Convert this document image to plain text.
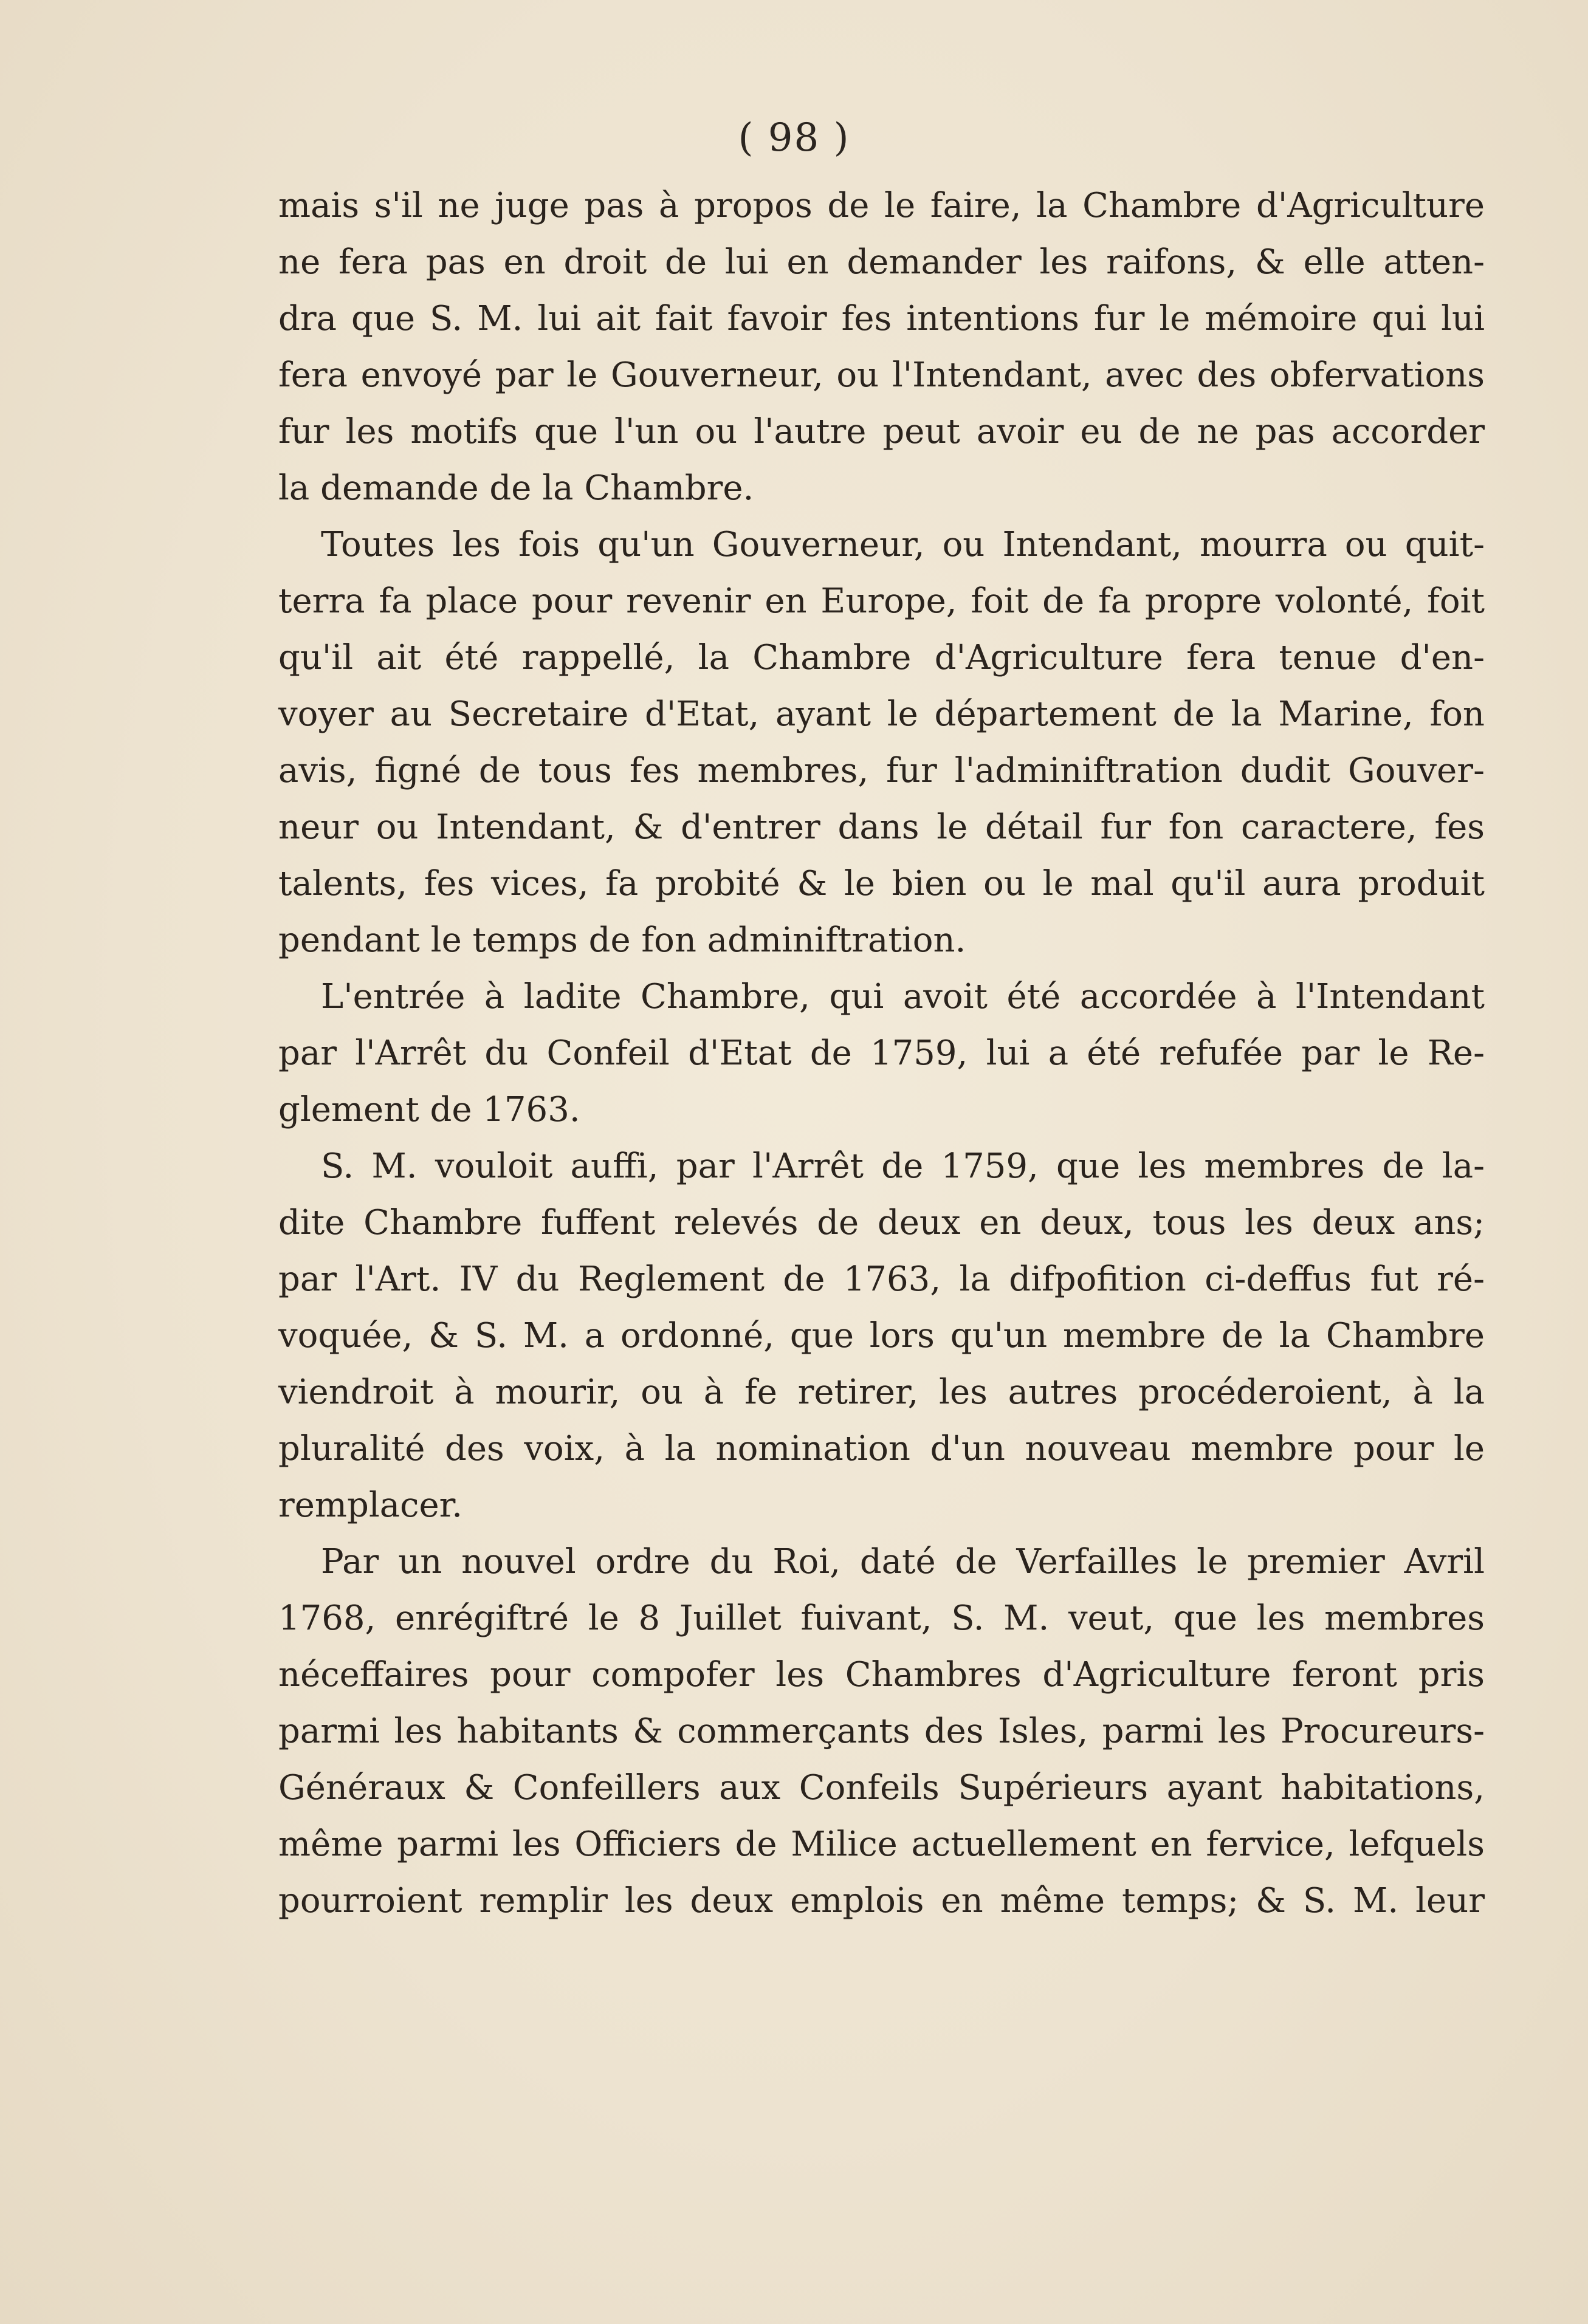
( 98 )

mais s'il ne juge pas à propos de le faire, la Chambre d'Agriculture

ne fera pas en droit de lui en demander les raifons, & elle atten-

dra que S. M. lui ait fait favoir fes intentions fur le mémoire qui lui

fera envoyé par le Gouverneur, ou l'Intendant, avec des obfervations

fur les motifs que l'un ou l'autre peut avoir eu de ne pas accorder

la demande de la Chambre.

Toutes les fois qu'un Gouverneur, ou Intendant, mourra ou quit-

terra fa place pour revenir en Europe, foit de fa propre volonté, foit

qu'il ait été rappellé, la Chambre d'Agriculture fera tenue d'en-

voyer au Secretaire d'Etat, ayant le département de la Marine, fon

avis, figné de tous fes membres, fur l'adminiftration dudit Gouver-

neur ou Intendant, & d'entrer dans le détail fur fon caractere, fes

talents, fes vices, fa probité & le bien ou le mal qu'il aura produit

pendant le temps de fon adminiftration.

L'entrée à ladite Chambre, qui avoit été accordée à l'Intendant

par l'Arrêt du Confeil d'Etat de 1759, lui a été refufée par le Re-

glement de 1763.

S. M. vouloit auffi, par l'Arrêt de 1759, que les membres de la-

dite Chambre fuffent relevés de deux en deux, tous les deux ans;

par l'Art. IV du Reglement de 1763, la difpofition ci-deffus fut ré-

voquée, & S. M. a ordonné, que lors qu'un membre de la Chambre

viendroit à mourir, ou à fe retirer, les autres procéderoient, à la

pluralité des voix, à la nomination d'un nouveau membre pour le

remplacer.

Par un nouvel ordre du Roi, daté de Verfailles le premier Avril

1768, enrégiftré le 8 Juillet fuivant, S. M. veut, que les membres

néceffaires pour compofer les Chambres d'Agriculture feront pris

parmi les habitants & commerçants des Isles, parmi les Procureurs-

Généraux & Confeillers aux Confeils Supérieurs ayant habitations,

même parmi les Officiers de Milice actuellement en fervice, lefquels

pourroient remplir les deux emplois en même temps; & S. M. leur
